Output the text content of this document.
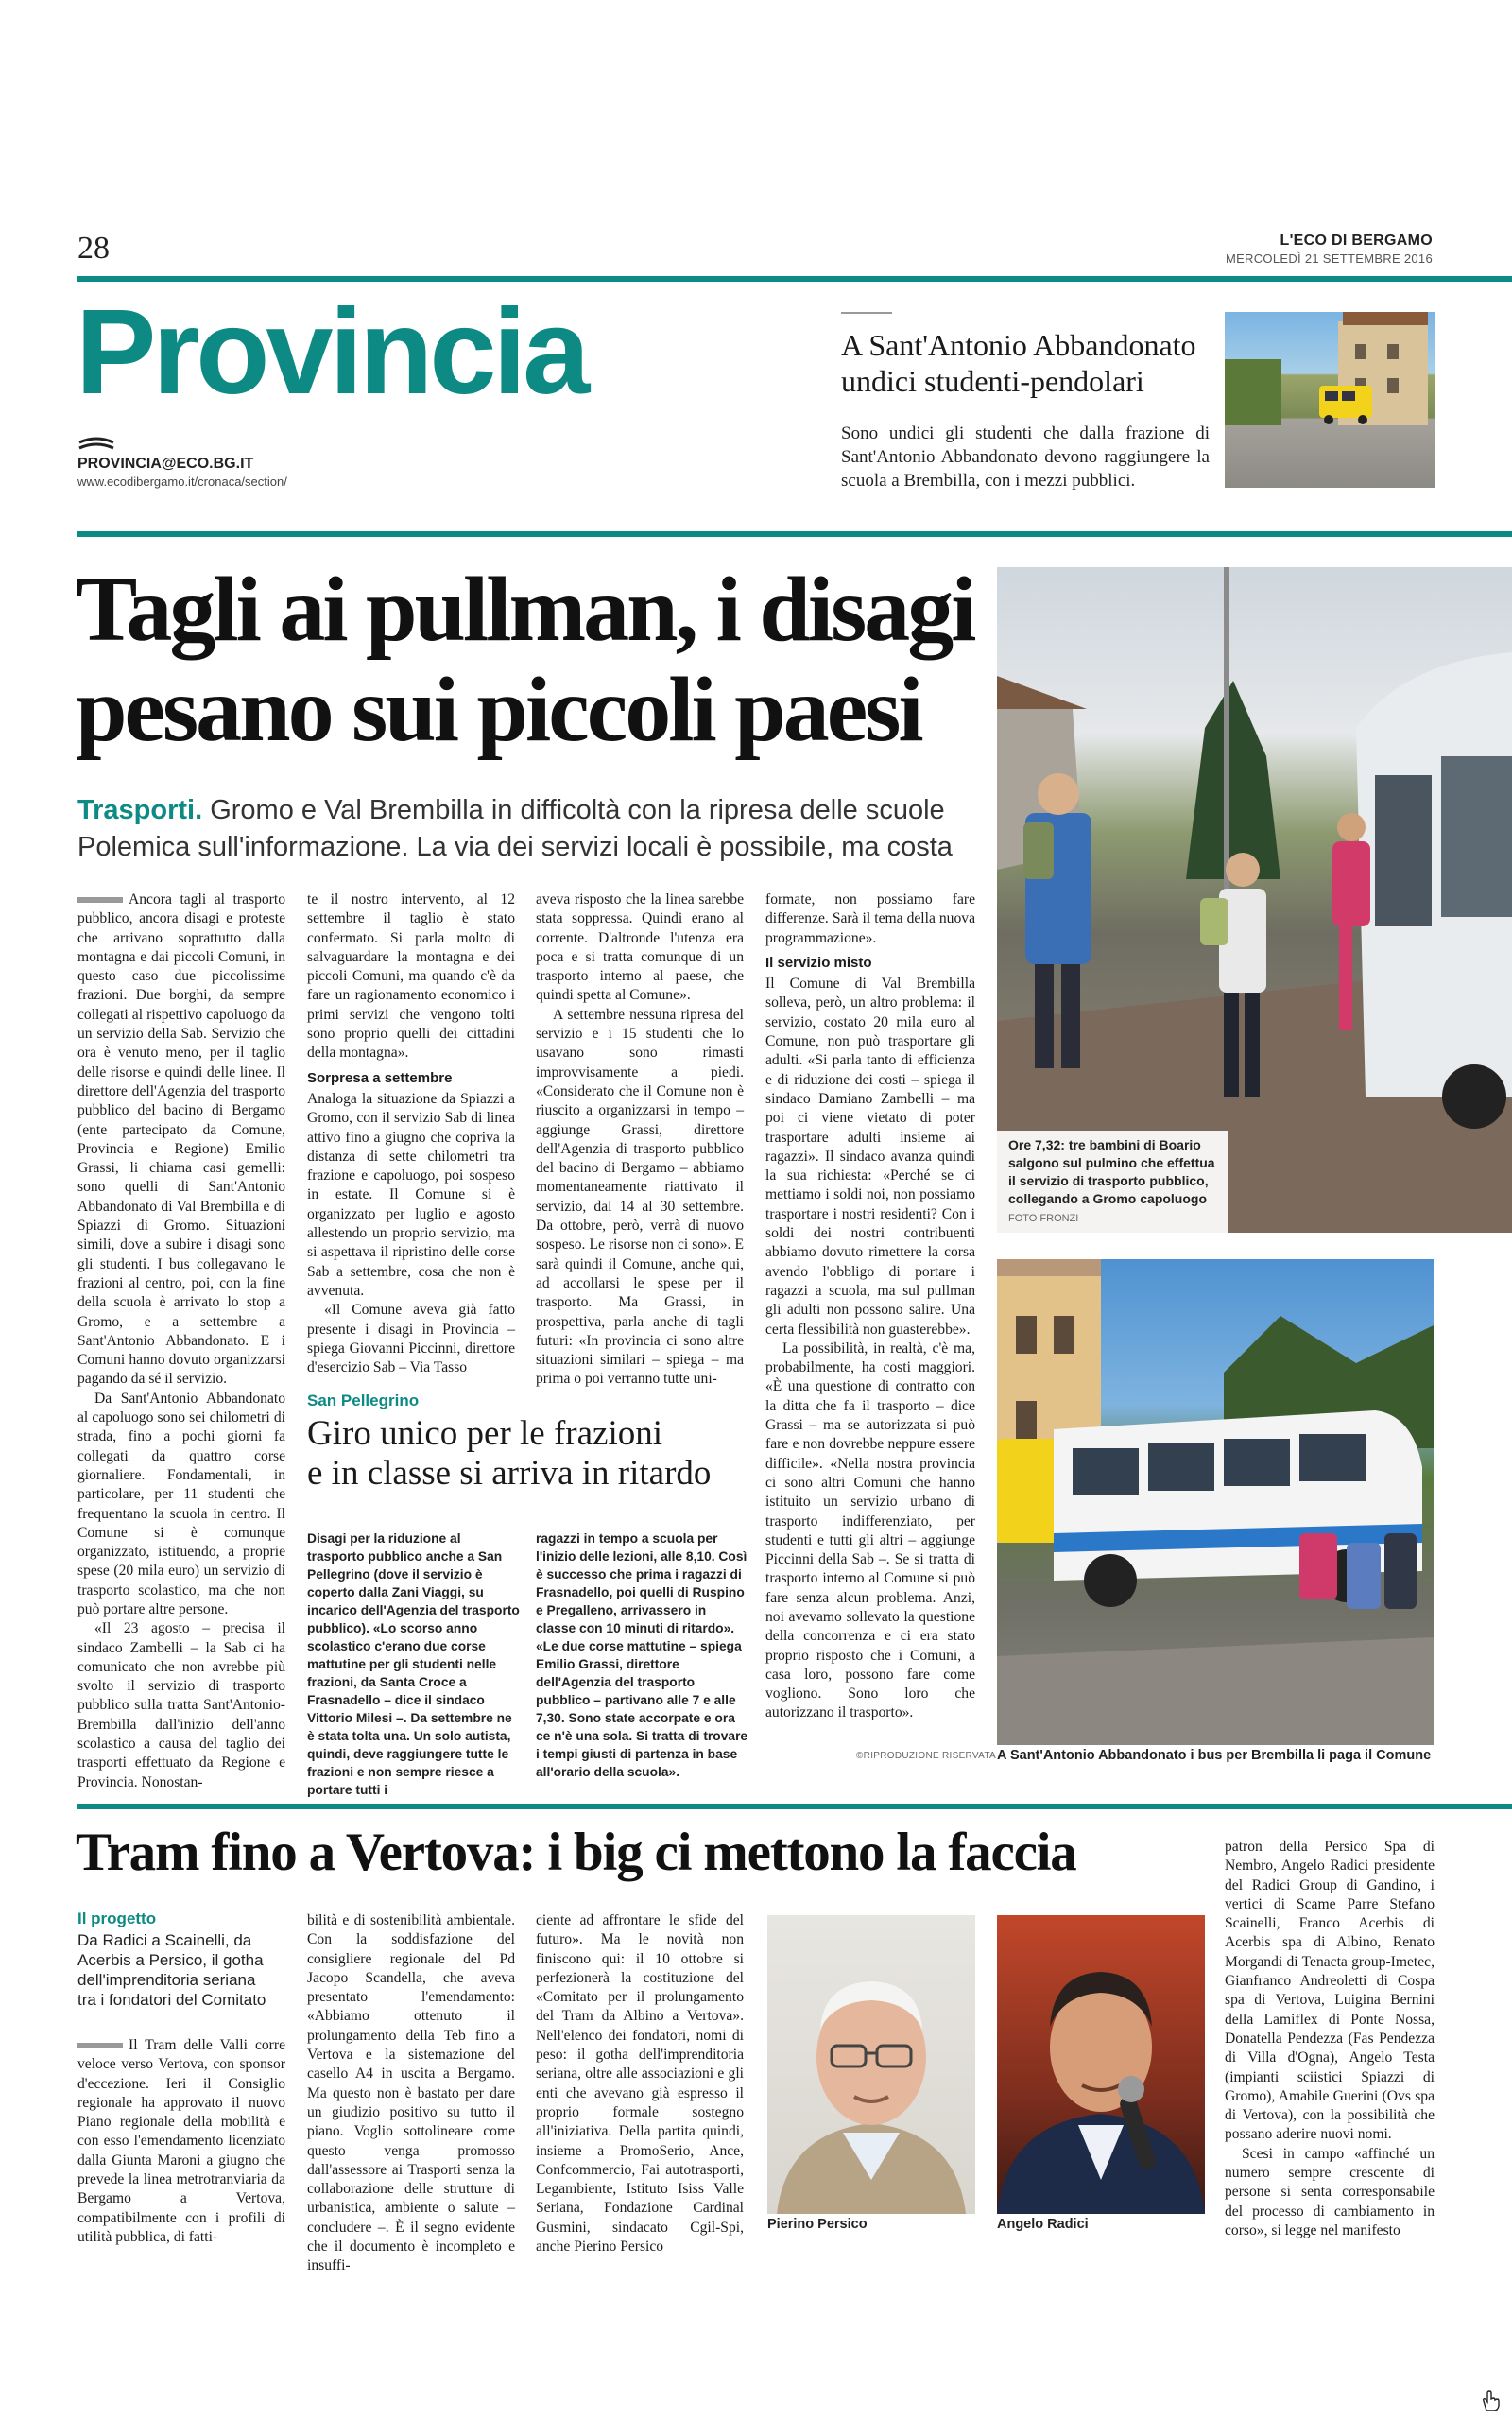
28	L'ECO DI BERGAMO
MERCOLEDÌ 21 SETTEMBRE 2016
Provincia
PROVINCIA@ECO.BG.IT
www.ecodibergamo.it/cronaca/section/
A Sant'Antonio Abbandonato
undici studenti-pendolari
Sono undici gli studenti che dalla frazione di Sant'Antonio Abbandonato devono raggiungere la scuola a Brembilla, con i mezzi pubblici.
Tagli ai pullman, i disagi
pesano sui piccoli paesi
Trasporti. Gromo e Val Brembilla in difficoltà con la ripresa delle scuole
Polemica sull'informazione. La via dei servizi locali è possibile, ma costa

Ancora tagli al trasporto pubblico, ancora disagi e proteste che arrivano soprattutto dalla montagna e dai piccoli Comuni, in questo caso due piccolissime frazioni. Due borghi, da sempre collegati al rispettivo capoluogo da un servizio della Sab. Servizio che ora è venuto meno, per il taglio delle risorse e quindi delle linee. Il direttore dell'Agenzia del trasporto pubblico del bacino di Bergamo (ente partecipato da Comune, Provincia e Regione) Emilio Grassi, li chiama casi gemelli: sono quelli di Sant'Antonio Abbandonato di Val Brembilla e di Spiazzi di Gromo. Situazioni simili, dove a subire i disagi sono gli studenti. I bus collegavano le frazioni al centro, poi, con la fine della scuola è arrivato lo stop a Gromo, e a settembre a Sant'Antonio Abbandonato. E i Comuni hanno dovuto organizzarsi pagando da sé il servizio.

Da Sant'Antonio Abbandonato al capoluogo sono sei chilometri di strada, fino a pochi giorni fa collegati da quattro corse giornaliere. Fondamentali, in particolare, per 11 studenti che frequentano la scuola in centro. Il Comune si è comunque organizzato, istituendo, a proprie spese (20 mila euro) un servizio di trasporto scolastico, ma che non può portare altre persone.

«Il 23 agosto – precisa il sindaco Zambelli – la Sab ci ha comunicato che non avrebbe più svolto il servizio di trasporto pubblico sulla tratta Sant'Antonio-Brembilla dall'inizio dell'anno scolastico a causa del taglio dei trasporti effettuato da Regione e Provincia. Nonostan-

te il nostro intervento, al 12 settembre il taglio è stato confermato. Si parla molto di salvaguardare la montagna e dei piccoli Comuni, ma quando c'è da fare un ragionamento economico i primi servizi che vengono tolti sono proprio quelli dei cittadini della montagna».

Sorpresa a settembre

Analoga la situazione da Spiazzi a Gromo, con il servizio Sab di linea attivo fino a giugno che copriva la distanza di sette chilometri tra frazione e capoluogo, poi sospeso in estate. Il Comune si è organizzato per luglio e agosto allestendo un proprio servizio, ma si aspettava il ripristino delle corse Sab a settembre, cosa che non è avvenuta.

«Il Comune aveva già fatto presente i disagi in Provincia – spiega Giovanni Piccinni, direttore d'esercizio Sab – Via Tasso

aveva risposto che la linea sarebbe stata soppressa. Quindi erano al corrente. D'altronde l'utenza era poca e si tratta comunque di un trasporto interno al paese, che quindi spetta al Comune».

A settembre nessuna ripresa del servizio e i 15 studenti che lo usavano sono rimasti improvvisamente a piedi. «Considerato che il Comune non è riuscito a organizzarsi in tempo – aggiunge Grassi, direttore dell'Agenzia di trasporto pubblico del bacino di Bergamo – abbiamo momentaneamente riattivato il servizio, dal 14 al 30 settembre. Da ottobre, però, verrà di nuovo sospeso. Le risorse non ci sono». E sarà quindi il Comune, anche qui, ad accollarsi le spese per il trasporto. Ma Grassi, in prospettiva, parla anche di tagli futuri: «In provincia ci sono altre situazioni similari – spiega – ma prima o poi verranno tutte uni-

formate, non possiamo fare differenze. Sarà il tema della nuova programmazione».

Il servizio misto

Il Comune di Val Brembilla solleva, però, un altro problema: il servizio, costato 20 mila euro al Comune, non può trasportare gli adulti. «Si parla tanto di efficienza e di riduzione dei costi – spiega il sindaco Damiano Zambelli – ma poi ci viene vietato di poter trasportare adulti insieme ai ragazzi». Il sindaco avanza quindi la sua richiesta: «Perché se ci mettiamo i soldi noi, non possiamo trasportare i nostri residenti? Con i soldi dei nostri contribuenti abbiamo dovuto rimettere la corsa avendo l'obbligo di portare i ragazzi a scuola, ma sul pullman gli adulti non possono salire. Una certa flessibilità non guasterebbe».

La possibilità, in realtà, c'è ma, probabilmente, ha costi maggiori. «È una questione di contratto con la ditta che fa il trasporto – dice Grassi – ma se autorizzata si può fare e non dovrebbe neppure essere difficile». «Nella nostra provincia ci sono altri Comuni che hanno istituito un servizio urbano di trasporto indifferenziato, per studenti e tutti gli altri – aggiunge Piccinni della Sab –. Se si tratta di trasporto interno al Comune si può fare senza alcun problema. Anzi, noi avevamo sollevato la questione della concorrenza e ci era stato proprio risposto che i Comuni, a casa loro, possono fare come vogliono. Sono loro che autorizzano il trasporto».

©RIPRODUZIONE RISERVATA
San Pellegrino
Giro unico per le frazioni
e in classe si arriva in ritardo
Disagi per la riduzione al trasporto pubblico anche a San Pellegrino (dove il servizio è coperto dalla Zani Viaggi, su incarico dell'Agenzia del trasporto pubblico). «Lo scorso anno scolastico c'erano due corse mattutine per gli studenti nelle frazioni, da Santa Croce a Frasnadello – dice il sindaco Vittorio Milesi –. Da settembre ne è stata tolta una. Un solo autista, quindi, deve raggiungere tutte le frazioni e non sempre riesce a portare tutti i
ragazzi in tempo a scuola per l'inizio delle lezioni, alle 8,10. Così è successo che prima i ragazzi di Frasnadello, poi quelli di Ruspino e Pregalleno, arrivassero in classe con 10 minuti di ritardo». «Le due corse mattutine – spiega Emilio Grassi, direttore dell'Agenzia del trasporto pubblico – partivano alle 7 e alle 7,30. Sono state accorpate e ora ce n'è una sola. Si tratta di trovare i tempi giusti di partenza in base all'orario della scuola».
Ore 7,32: tre bambini di Boario salgono sul pulmino che effettua il servizio di trasporto pubblico, collegando a Gromo capoluogo FOTO FRONZI
A Sant'Antonio Abbandonato i bus per Brembilla li paga il Comune
Tram fino a Vertova: i big ci mettono la faccia
Il progetto
Da Radici a Scainelli, da Acerbis a Persico, il gotha dell'imprenditoria seriana tra i fondatori del Comitato

Il Tram delle Valli corre veloce verso Vertova, con sponsor d'eccezione. Ieri il Consiglio regionale ha approvato il nuovo Piano regionale della mobilità e con esso l'emendamento licenziato dalla Giunta Maroni a giugno che prevede la linea metrotranviaria da Bergamo a Vertova, compatibilmente con i profili di utilità pubblica, di fatti-

bilità e di sostenibilità ambientale. Con la soddisfazione del consigliere regionale del Pd Jacopo Scandella, che aveva presentato l'emendamento: «Abbiamo ottenuto il prolungamento della Teb fino a Vertova e la sistemazione del casello A4 in uscita a Bergamo. Ma questo non è bastato per dare un giudizio positivo su tutto il piano. Voglio sottolineare come questo venga promosso dall'assessore ai Trasporti senza la collaborazione delle strutture di urbanistica, ambiente o salute – concludere –. È il segno evidente che il documento è incompleto e insuffi-
ciente ad affrontare le sfide del futuro». Ma le novità non finiscono qui: il 10 ottobre si perfezionerà la costituzione del «Comitato per il prolungamento del Tram da Albino a Vertova». Nell'elenco dei fondatori, nomi di peso: il gotha dell'imprenditoria seriana, oltre alle associazioni e gli enti che avevano già espresso il proprio formale sostegno all'iniziativa. Della partita quindi, insieme a PromoSerio, Ance, Confcommercio, Fai autotrasporti, Legambiente, Istituto Isiss Valle Seriana, Fondazione Cardinal Gusmini, sindacato Cgil-Spi, anche Pierino Persico
Pierino Persico	Angelo Radici

patron della Persico Spa di Nembro, Angelo Radici presidente del Radici Group di Gandino, i vertici di Scame Parre Stefano Scainelli, Franco Acerbis di Acerbis spa di Albino, Renato Morgandi di Tenacta group-Imetec, Gianfranco Andreoletti di Cospa spa di Vertova, Luigina Bernini della Lamiflex di Ponte Nossa, Donatella Pendezza (Fas Pendezza di Villa d'Ogna), Angelo Testa (impianti sciistici Spiazzi di Gromo), Amabile Guerini (Ovs spa di Vertova), con la possibilità che possano aderire nuovi nomi.

Scesi in campo «affinché un numero sempre crescente di persone si senta corresponsabile del processo di cambiamento in corso», si legge nel manifesto
